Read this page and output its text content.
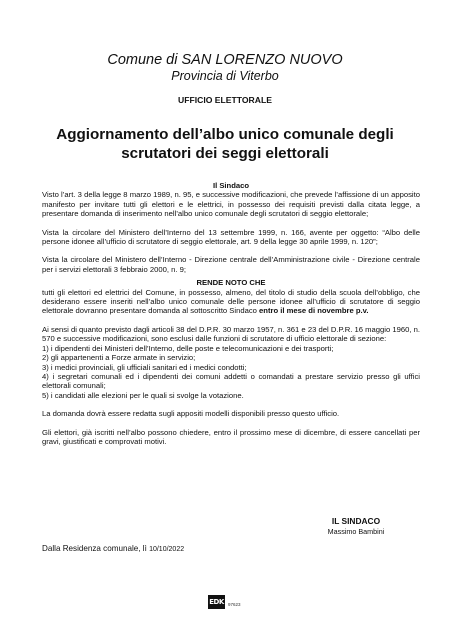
Comune di SAN LORENZO NUOVO
Provincia di Viterbo
UFFICIO ELETTORALE
Aggiornamento dell’albo unico comunale degli
scrutatori dei seggi elettorali

Il Sindaco

Visto l’art. 3 della legge 8 marzo 1989, n. 95, e successive modificazioni, che prevede l’affissione di un apposito manifesto per invitare tutti gli elettori e le elettrici, in possesso dei requisiti previsti dalla citata legge, a presentare domanda di inserimento nell’albo unico comunale degli scrutatori di seggio elettorale;

Vista la circolare del Ministero dell’Interno del 13 settembre 1999, n. 166, avente per oggetto: “Albo delle persone idonee all’ufficio di scrutatore di seggio elettorale, art. 9 della legge 30 aprile 1999, n. 120”;

Vista la circolare del Ministero dell’Interno - Direzione centrale dell’Amministrazione civile - Direzione centrale per i servizi elettorali 3 febbraio 2000, n. 9;

RENDE NOTO CHE

tutti gli elettori ed elettrici del Comune, in possesso, almeno, del titolo di studio della scuola dell’obbligo, che desiderano essere inseriti nell’albo unico comunale delle persone idonee all’ufficio di scrutatore di seggio elettorale dovranno presentare domanda al sottoscritto Sindaco entro il mese di novembre p.v.

Ai sensi di quanto previsto dagli articoli 38 del D.P.R. 30 marzo 1957, n. 361 e 23 del D.P.R. 16 maggio 1960, n. 570 e successive modificazioni, sono esclusi dalle funzioni di scrutatore di ufficio elettorale di sezione:

1) i dipendenti dei Ministeri dell’Interno, delle poste e telecomunicazioni e dei trasporti;

2) gli appartenenti a Forze armate in servizio;

3) i medici provinciali, gli ufficiali sanitari ed i medici condotti;

4) i segretari comunali ed i dipendenti dei comuni addetti o comandati a prestare servizio presso gli uffici elettorali comunali;

5) i candidati alle elezioni per le quali si svolge la votazione.

La domanda dovrà essere redatta sugli appositi modelli disponibili presso questo ufficio.

Gli elettori, già iscritti nell’albo possono chiedere, entro il prossimo mese di dicembre, di essere cancellati per gravi, giustificati e comprovati motivi.

IL SINDACO
Massimo Bambini
Dalla Residenza comunale, lì 10/10/2022
EDK 97623
